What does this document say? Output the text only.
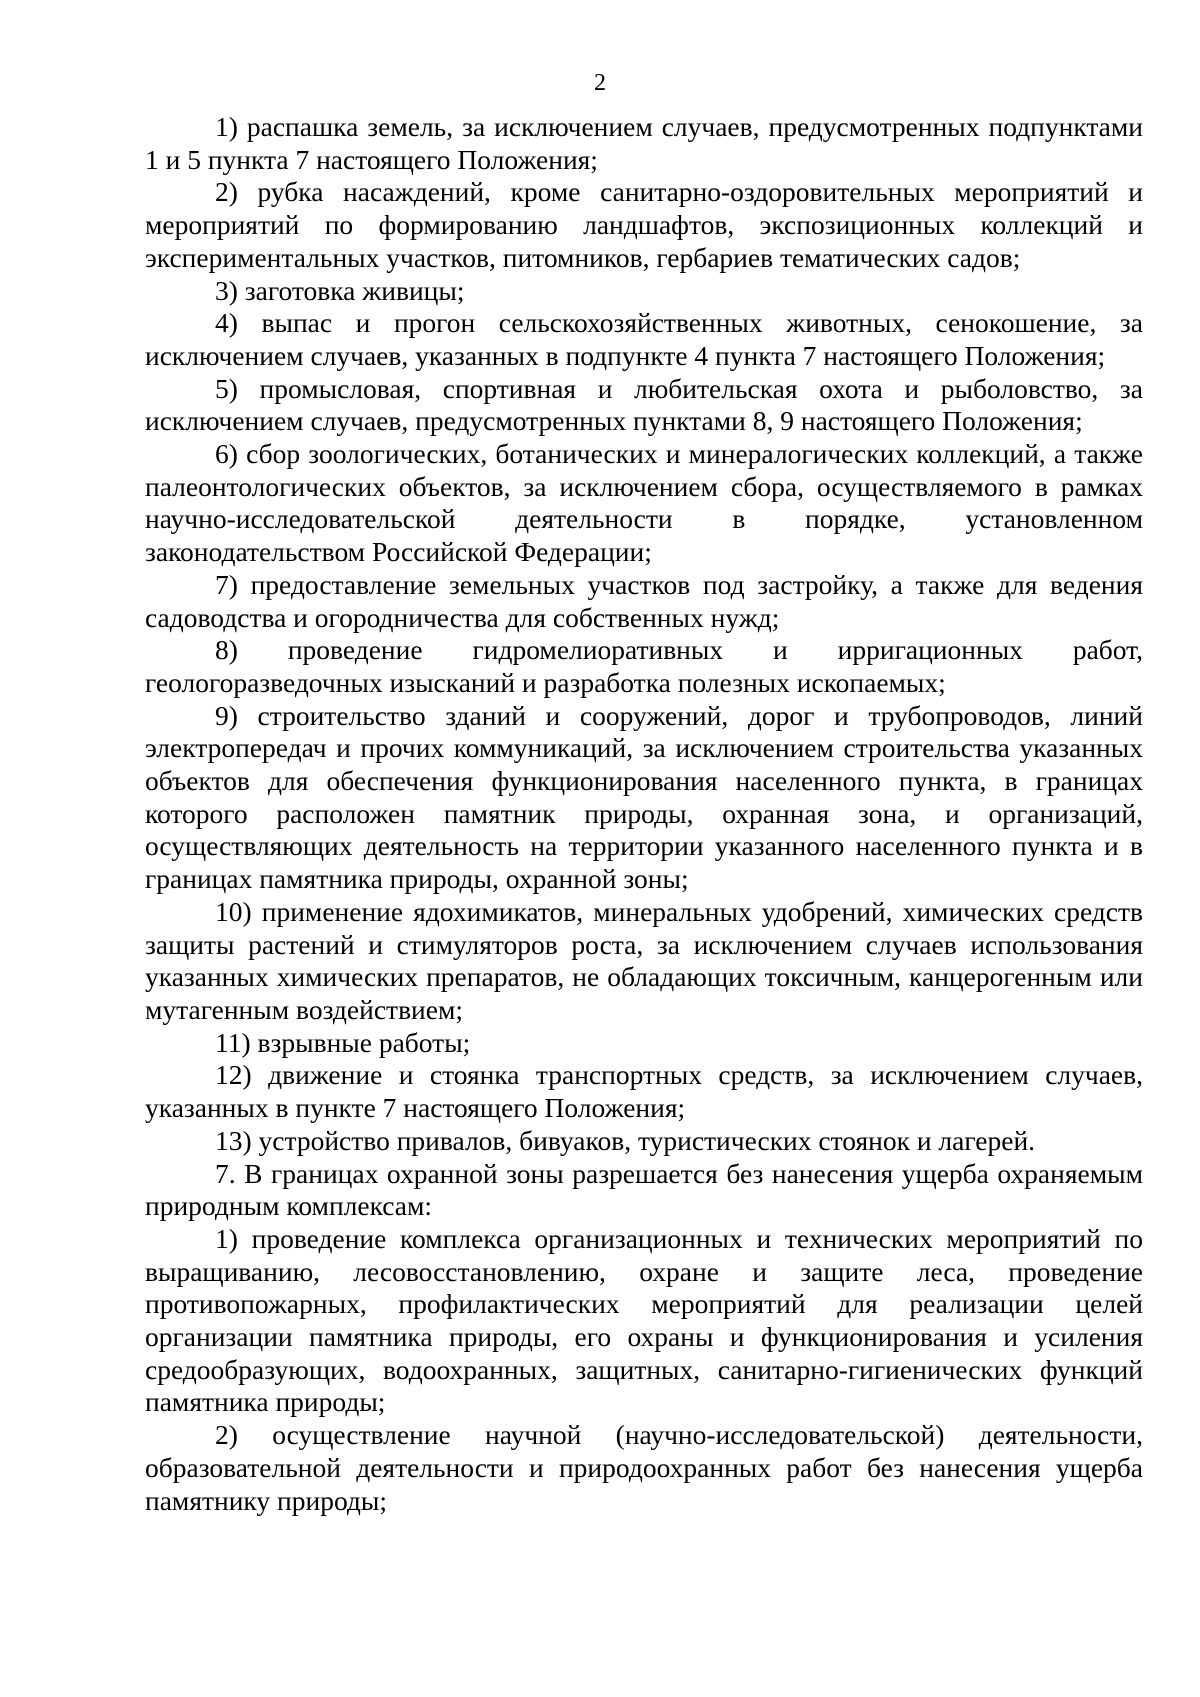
2

1) распашка земель, за исключением случаев, предусмотренных подпунктами 1 и 5 пункта 7 настоящего Положения;

2) рубка насаждений, кроме санитарно-оздоровительных мероприятий и мероприятий по формированию ландшафтов, экспозиционных коллекций и экспериментальных участков, питомников, гербариев тематических садов;

3) заготовка живицы;

4) выпас и прогон сельскохозяйственных животных, сенокошение, за исключением случаев, указанных в подпункте 4 пункта 7 настоящего Положения;

5) промысловая, спортивная и любительская охота и рыболовство, за исключением случаев, предусмотренных пунктами 8, 9 настоящего Положения;

6) сбор зоологических, ботанических и минералогических коллекций, а также палеонтологических объектов, за исключением сбора, осуществляемого в рамках научно-исследовательской деятельности в порядке, установленном законодательством Российской Федерации;

7) предоставление земельных участков под застройку, а также для ведения садоводства и огородничества для собственных нужд;

8) проведение гидромелиоративных и ирригационных работ, геологоразведочных изысканий и разработка полезных ископаемых;

9) строительство зданий и сооружений, дорог и трубопроводов, линий электропередач и прочих коммуникаций, за исключением строительства указанных объектов для обеспечения функционирования населенного пункта, в границах которого расположен памятник природы, охранная зона, и организаций, осуществляющих деятельность на территории указанного населенного пункта и в границах памятника природы, охранной зоны;

10) применение ядохимикатов, минеральных удобрений, химических средств защиты растений и стимуляторов роста, за исключением случаев использования указанных химических препаратов, не обладающих токсичным, канцерогенным или мутагенным воздействием;

11) взрывные работы;

12) движение и стоянка транспортных средств, за исключением случаев, указанных в пункте 7 настоящего Положения;

13) устройство привалов, бивуаков, туристических стоянок и лагерей.

7. В границах охранной зоны разрешается без нанесения ущерба охраняемым природным комплексам:

1) проведение комплекса организационных и технических мероприятий по выращиванию, лесовосстановлению, охране и защите леса, проведение противопожарных, профилактических мероприятий для реализации целей организации памятника природы, его охраны и функционирования и усиления средообразующих, водоохранных, защитных, санитарно-гигиенических функций памятника природы;

2) осуществление научной (научно-исследовательской) деятельности, образовательной деятельности и природоохранных работ без нанесения ущерба памятнику природы;
